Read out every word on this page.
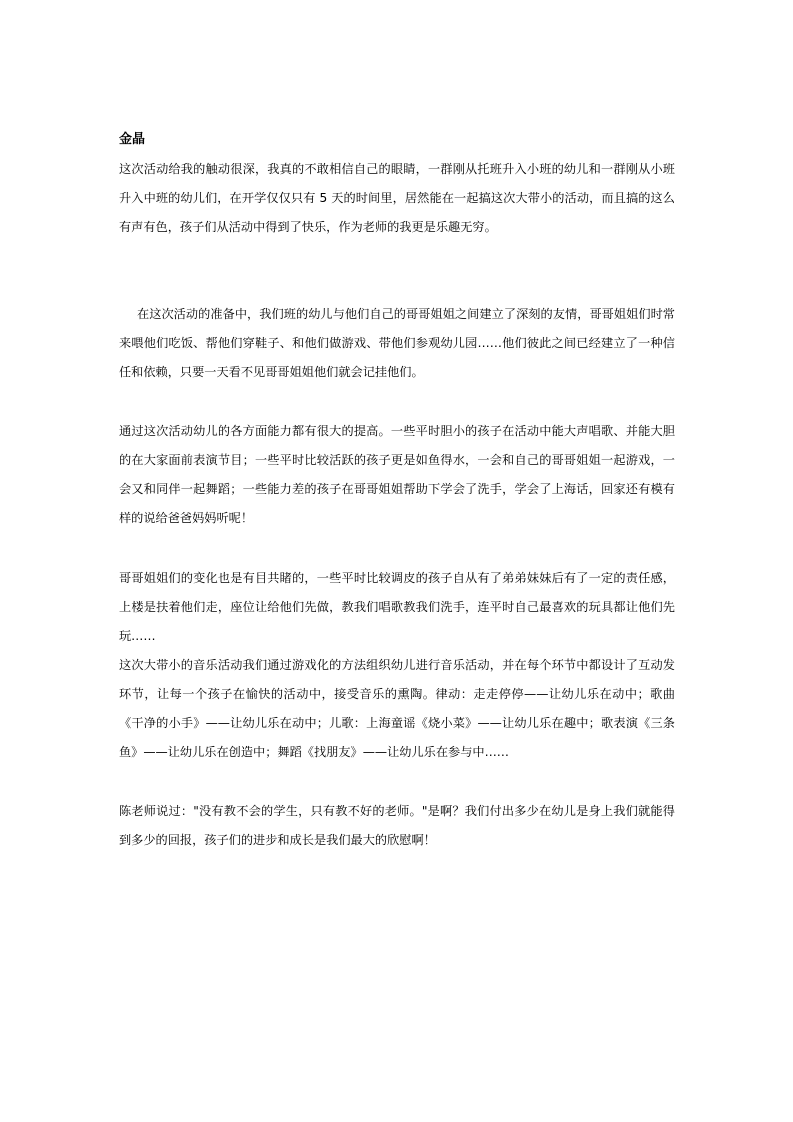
金晶

这次活动给我的触动很深，我真的不敢相信自己的眼睛，一群刚从托班升入小班的幼儿和一群刚从小班升入中班的幼儿们，在开学仅仅只有 5 天的时间里，居然能在一起搞这次大带小的活动，而且搞的这么有声有色，孩子们从活动中得到了快乐，作为老师的我更是乐趣无穷。

在这次活动的准备中，我们班的幼儿与他们自己的哥哥姐姐之间建立了深刻的友情，哥哥姐姐们时常来喂他们吃饭、帮他们穿鞋子、和他们做游戏、带他们参观幼儿园……他们彼此之间已经建立了一种信任和依赖，只要一天看不见哥哥姐姐他们就会记挂他们。

通过这次活动幼儿的各方面能力都有很大的提高。一些平时胆小的孩子在活动中能大声唱歌、并能大胆的在大家面前表演节目；一些平时比较活跃的孩子更是如鱼得水，一会和自己的哥哥姐姐一起游戏，一会又和同伴一起舞蹈；一些能力差的孩子在哥哥姐姐帮助下学会了洗手，学会了上海话，回家还有模有样的说给爸爸妈妈听呢！

哥哥姐姐们的变化也是有目共睹的，一些平时比较调皮的孩子自从有了弟弟妹妹后有了一定的责任感，上楼是扶着他们走，座位让给他们先做，教我们唱歌教我们洗手，连平时自己最喜欢的玩具都让他们先玩……

这次大带小的音乐活动我们通过游戏化的方法组织幼儿进行音乐活动，并在每个环节中都设计了互动发环节，让每一个孩子在愉快的活动中，接受音乐的熏陶。律动：走走停停——让幼儿乐在动中；歌曲《干净的小手》——让幼儿乐在动中；儿歌：上海童谣《烧小菜》——让幼儿乐在趣中；歌表演《三条鱼》——让幼儿乐在创造中；舞蹈《找朋友》——让幼儿乐在参与中……

陈老师说过："没有教不会的学生，只有教不好的老师。"是啊？我们付出多少在幼儿是身上我们就能得到多少的回报，孩子们的进步和成长是我们最大的欣慰啊！
